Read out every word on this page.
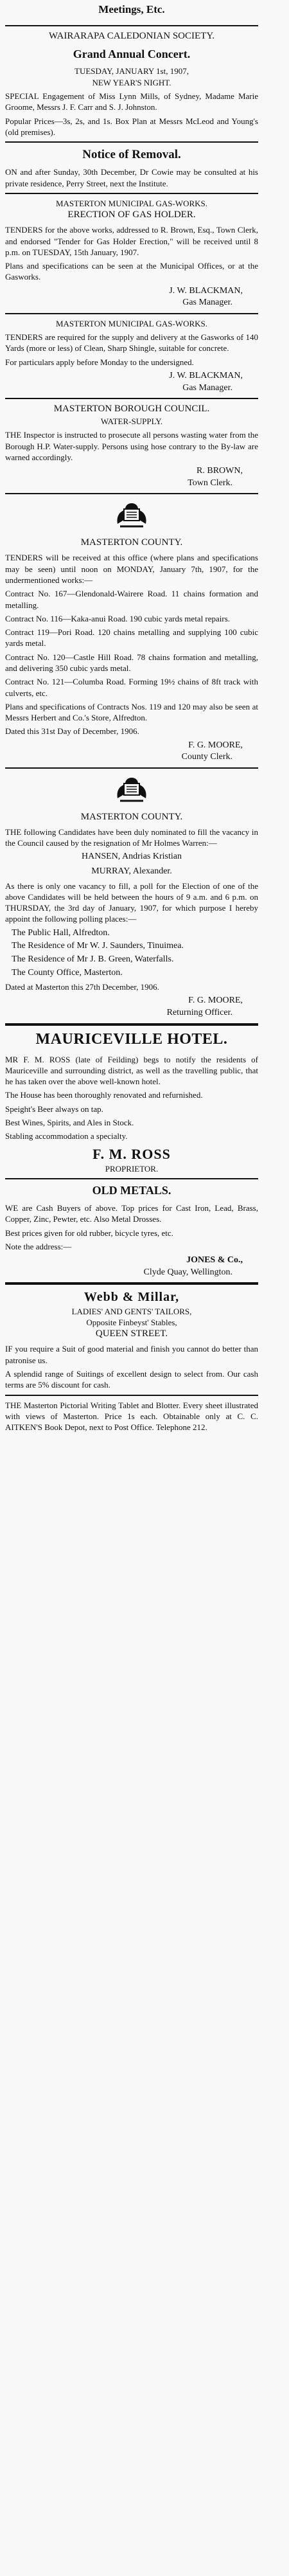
Meetings, Etc.
WAIRARAPA CALEDONIAN SOCIETY.
Grand Annual Concert.
TUESDAY, JANUARY 1st, 1907,
NEW YEAR'S NIGHT.
SPECIAL Engagement of Miss Lynn Mills, of Sydney, Madame Marie Groome, Messrs J. F. Carr and S. J. Johnston.
Popular Prices—3s, 2s, and 1s. Box Plan at Messrs McLeod and Young's (old premises).
Notice of Removal.
ON and after Sunday, 30th December, Dr Cowie may be consulted at his private residence, Perry Street, next the Institute.
MASTERTON MUNICIPAL GAS-WORKS.
ERECTION OF GAS HOLDER.
TENDERS for the above works, addressed to R. Brown, Esq., Town Clerk, and endorsed "Tender for Gas Holder Erection," will be received until 8 p.m. on TUESDAY, 15th January, 1907.
Plans and specifications can be seen at the Municipal Offices, or at the Gasworks.
J. W. BLACKMAN,
Gas Manager.
MASTERTON MUNICIPAL GAS-WORKS.
TENDERS are required for the supply and delivery at the Gasworks of 140 Yards (more or less) of Clean, Sharp Shingle, suitable for concrete.
For particulars apply before Monday to the undersigned.
J. W. BLACKMAN,
Gas Manager.
MASTERTON BOROUGH COUNCIL.
WATER-SUPPLY.
THE Inspector is instructed to prosecute all persons wasting water from the Borough H.P. Water-supply. Persons using hose contrary to the By-law are warned accordingly.
R. BROWN,
Town Clerk.
MASTERTON COUNTY.
TENDERS will be received at this office (where plans and specifications may be seen) until noon on MONDAY, January 7th, 1907, for the undermentioned works:—
Contract No. 167—Glendonald-Wairere Road. 11 chains formation and metalling.
Contract No. 116—Kaka-anui Road. 190 cubic yards metal repairs.
Contract 119—Pori Road. 120 chains metalling and supplying 100 cubic yards metal.
Contract No. 120—Castle Hill Road. 78 chains formation and metalling, and delivering 350 cubic yards metal.
Contract No. 121—Columba Road. Forming 19½ chains of 8ft track with culverts, etc.
Plans and specifications of Contracts Nos. 119 and 120 may also be seen at Messrs Herbert and Co.'s Store, Alfredton.
Dated this 31st Day of December, 1906.
F. G. MOORE,
County Clerk.
MASTERTON COUNTY.
THE following Candidates have been duly nominated to fill the vacancy in the Council caused by the resignation of Mr Holmes Warren:—
HANSEN, Andrias Kristian
MURRAY, Alexander.
As there is only one vacancy to fill, a poll for the Election of one of the above Candidates will be held between the hours of 9 a.m. and 6 p.m. on THURSDAY, the 3rd day of January, 1907, for which purpose I hereby appoint the following polling places:—
The Public Hall, Alfredton.
The Residence of Mr W. J. Saunders, Tinuimea.
The Residence of Mr J. B. Green, Waterfalls.
The County Office, Masterton.
Dated at Masterton this 27th December, 1906.
F. G. MOORE,
Returning Officer.
MAURICEVILLE HOTEL.
MR F. M. ROSS (late of Feilding) begs to notify the residents of Mauriceville and surrounding district, as well as the travelling public, that he has taken over the above well-known hotel.
The House has been thoroughly renovated and refurnished.
Speight's Beer always on tap.
Best Wines, Spirits, and Ales in Stock.
Stabling accommodation a specialty.
F. M. ROSS
PROPRIETOR.
OLD METALS.
WE are Cash Buyers of above. Top prices for Cast Iron, Lead, Brass, Copper, Zinc, Pewter, etc. Also Metal Drosses.
Best prices given for old rubber, bicycle tyres, etc.
Note the address:—
JONES & Co.,
Clyde Quay, Wellington.
Webb & Millar,
LADIES' AND GENTS' TAILORS,
Opposite Finbeyst' Stables,
QUEEN STREET.
IF you require a Suit of good material and finish you cannot do better than patronise us.
A splendid range of Suitings of excellent design to select from. Our cash terms are 5% discount for cash.
THE Masterton Pictorial Writing Tablet and Blotter. Every sheet illustrated with views of Masterton. Price 1s each. Obtainable only at C. C. AITKEN'S Book Depot, next to Post Office. Telephone 212.
